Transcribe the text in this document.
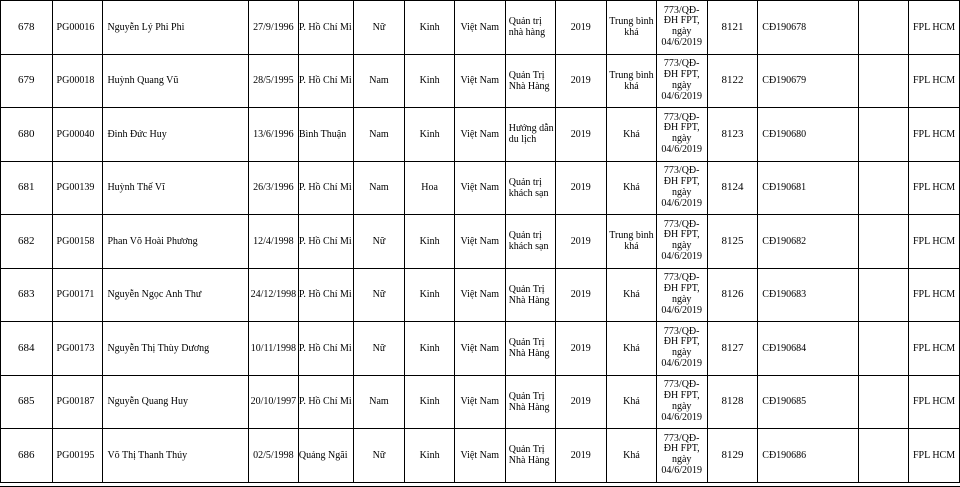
678	PG00016	Nguyễn Lý Phi Phi	27/9/1996	P. Hồ Chí Mi	Nữ	Kinh	Việt Nam	Quản trị nhà hàng	2019	Trung bình khá	773/QĐ-ĐH FPT, ngày 04/6/2019	8121	CĐ190678		FPL HCM
679	PG00018	Huỳnh Quang Vũ	28/5/1995	P. Hồ Chí Mi	Nam	Kinh	Việt Nam	Quản Trị Nhà Hàng	2019	Trung bình khá	773/QĐ-ĐH FPT, ngày 04/6/2019	8122	CĐ190679		FPL HCM
680	PG00040	Đinh Đức Huy	13/6/1996	Bình Thuận	Nam	Kinh	Việt Nam	Hướng dẫn du lịch	2019	Khá	773/QĐ-ĐH FPT, ngày 04/6/2019	8123	CĐ190680		FPL HCM
681	PG00139	Huỳnh Thế Vĩ	26/3/1996	P. Hồ Chí Mi	Nam	Hoa	Việt Nam	Quản trị khách sạn	2019	Khá	773/QĐ-ĐH FPT, ngày 04/6/2019	8124	CĐ190681		FPL HCM
682	PG00158	Phan Võ Hoài Phương	12/4/1998	P. Hồ Chí Mi	Nữ	Kinh	Việt Nam	Quản trị khách sạn	2019	Trung bình khá	773/QĐ-ĐH FPT, ngày 04/6/2019	8125	CĐ190682		FPL HCM
683	PG00171	Nguyễn Ngọc Anh Thư	24/12/1998	P. Hồ Chí Mi	Nữ	Kinh	Việt Nam	Quản Trị Nhà Hàng	2019	Khá	773/QĐ-ĐH FPT, ngày 04/6/2019	8126	CĐ190683		FPL HCM
684	PG00173	Nguyễn Thị Thùy Dương	10/11/1998	P. Hồ Chí Mi	Nữ	Kinh	Việt Nam	Quản Trị Nhà Hàng	2019	Khá	773/QĐ-ĐH FPT, ngày 04/6/2019	8127	CĐ190684		FPL HCM
685	PG00187	Nguyễn Quang Huy	20/10/1997	P. Hồ Chí Mi	Nam	Kinh	Việt Nam	Quản Trị Nhà Hàng	2019	Khá	773/QĐ-ĐH FPT, ngày 04/6/2019	8128	CĐ190685		FPL HCM
686	PG00195	Võ Thị Thanh Thúy	02/5/1998	Quảng Ngãi	Nữ	Kinh	Việt Nam	Quản Trị Nhà Hàng	2019	Khá	773/QĐ-ĐH FPT, ngày 04/6/2019	8129	CĐ190686		FPL HCM
